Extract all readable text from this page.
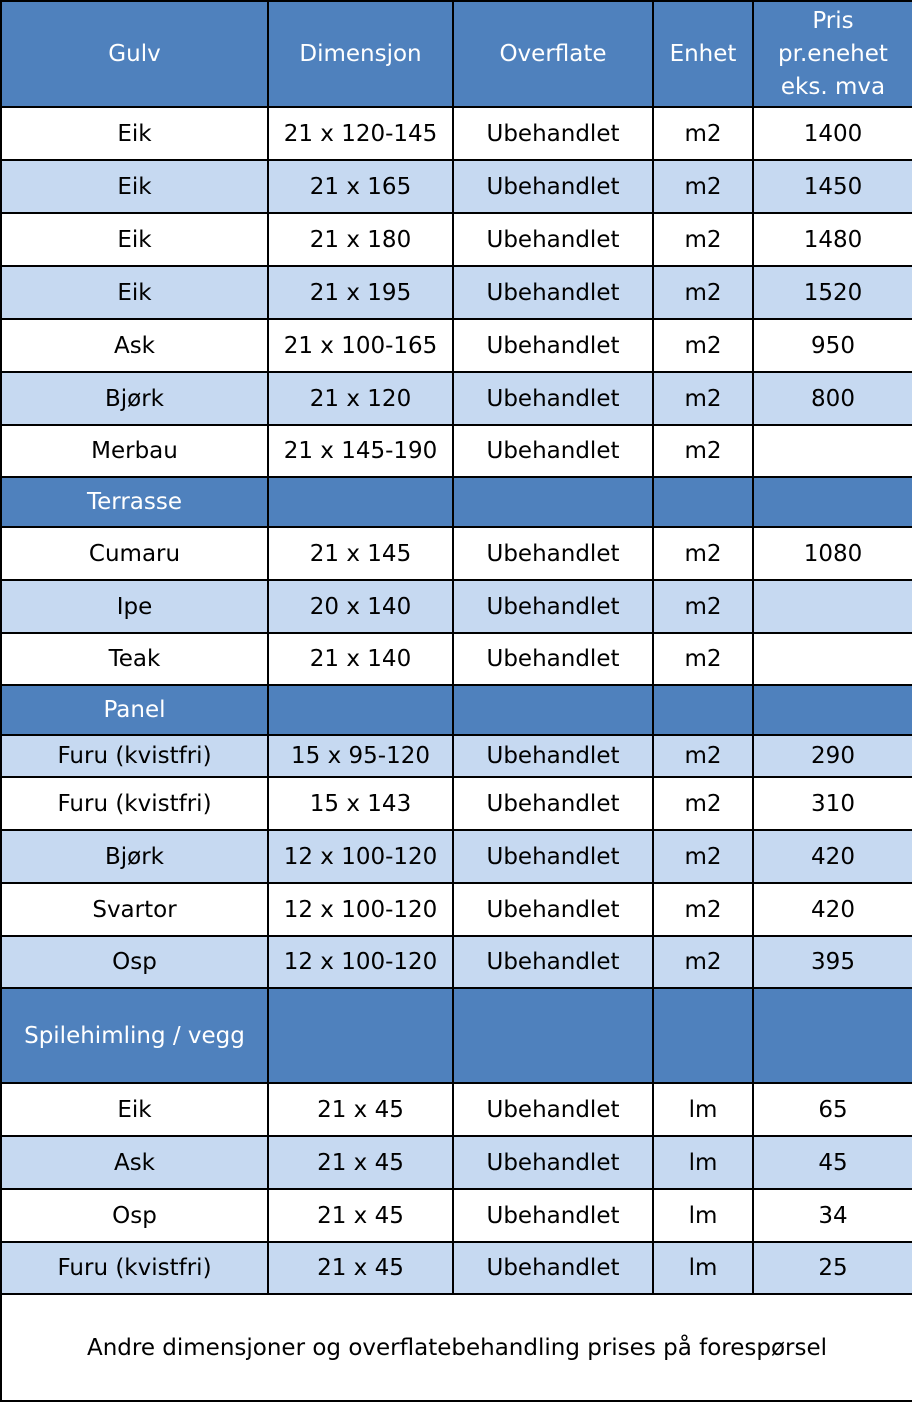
Gulv	Dimensjon	Overflate	Enhet	Pris pr.enehet eks. mva
Eik	21 x 120-145	Ubehandlet	m2	1400
Eik	21 x 165	Ubehandlet	m2	1450
Eik	21 x 180	Ubehandlet	m2	1480
Eik	21 x 195	Ubehandlet	m2	1520
Ask	21 x 100-165	Ubehandlet	m2	950
Bjørk	21 x 120	Ubehandlet	m2	800
Merbau	21 x 145-190	Ubehandlet	m2	
Terrasse				
Cumaru	21 x 145	Ubehandlet	m2	1080
Ipe	20 x 140	Ubehandlet	m2	
Teak	21 x 140	Ubehandlet	m2	
Panel				
Furu (kvistfri)	15 x 95-120	Ubehandlet	m2	290
Furu (kvistfri)	15 x 143	Ubehandlet	m2	310
Bjørk	12 x 100-120	Ubehandlet	m2	420
Svartor	12 x 100-120	Ubehandlet	m2	420
Osp	12 x 100-120	Ubehandlet	m2	395
Spilehimling / vegg				
Eik	21 x 45	Ubehandlet	lm	65
Ask	21 x 45	Ubehandlet	lm	45
Osp	21 x 45	Ubehandlet	lm	34
Furu (kvistfri)	21 x 45	Ubehandlet	lm	25
Andre dimensjoner og overflatebehandling prises på forespørsel				
